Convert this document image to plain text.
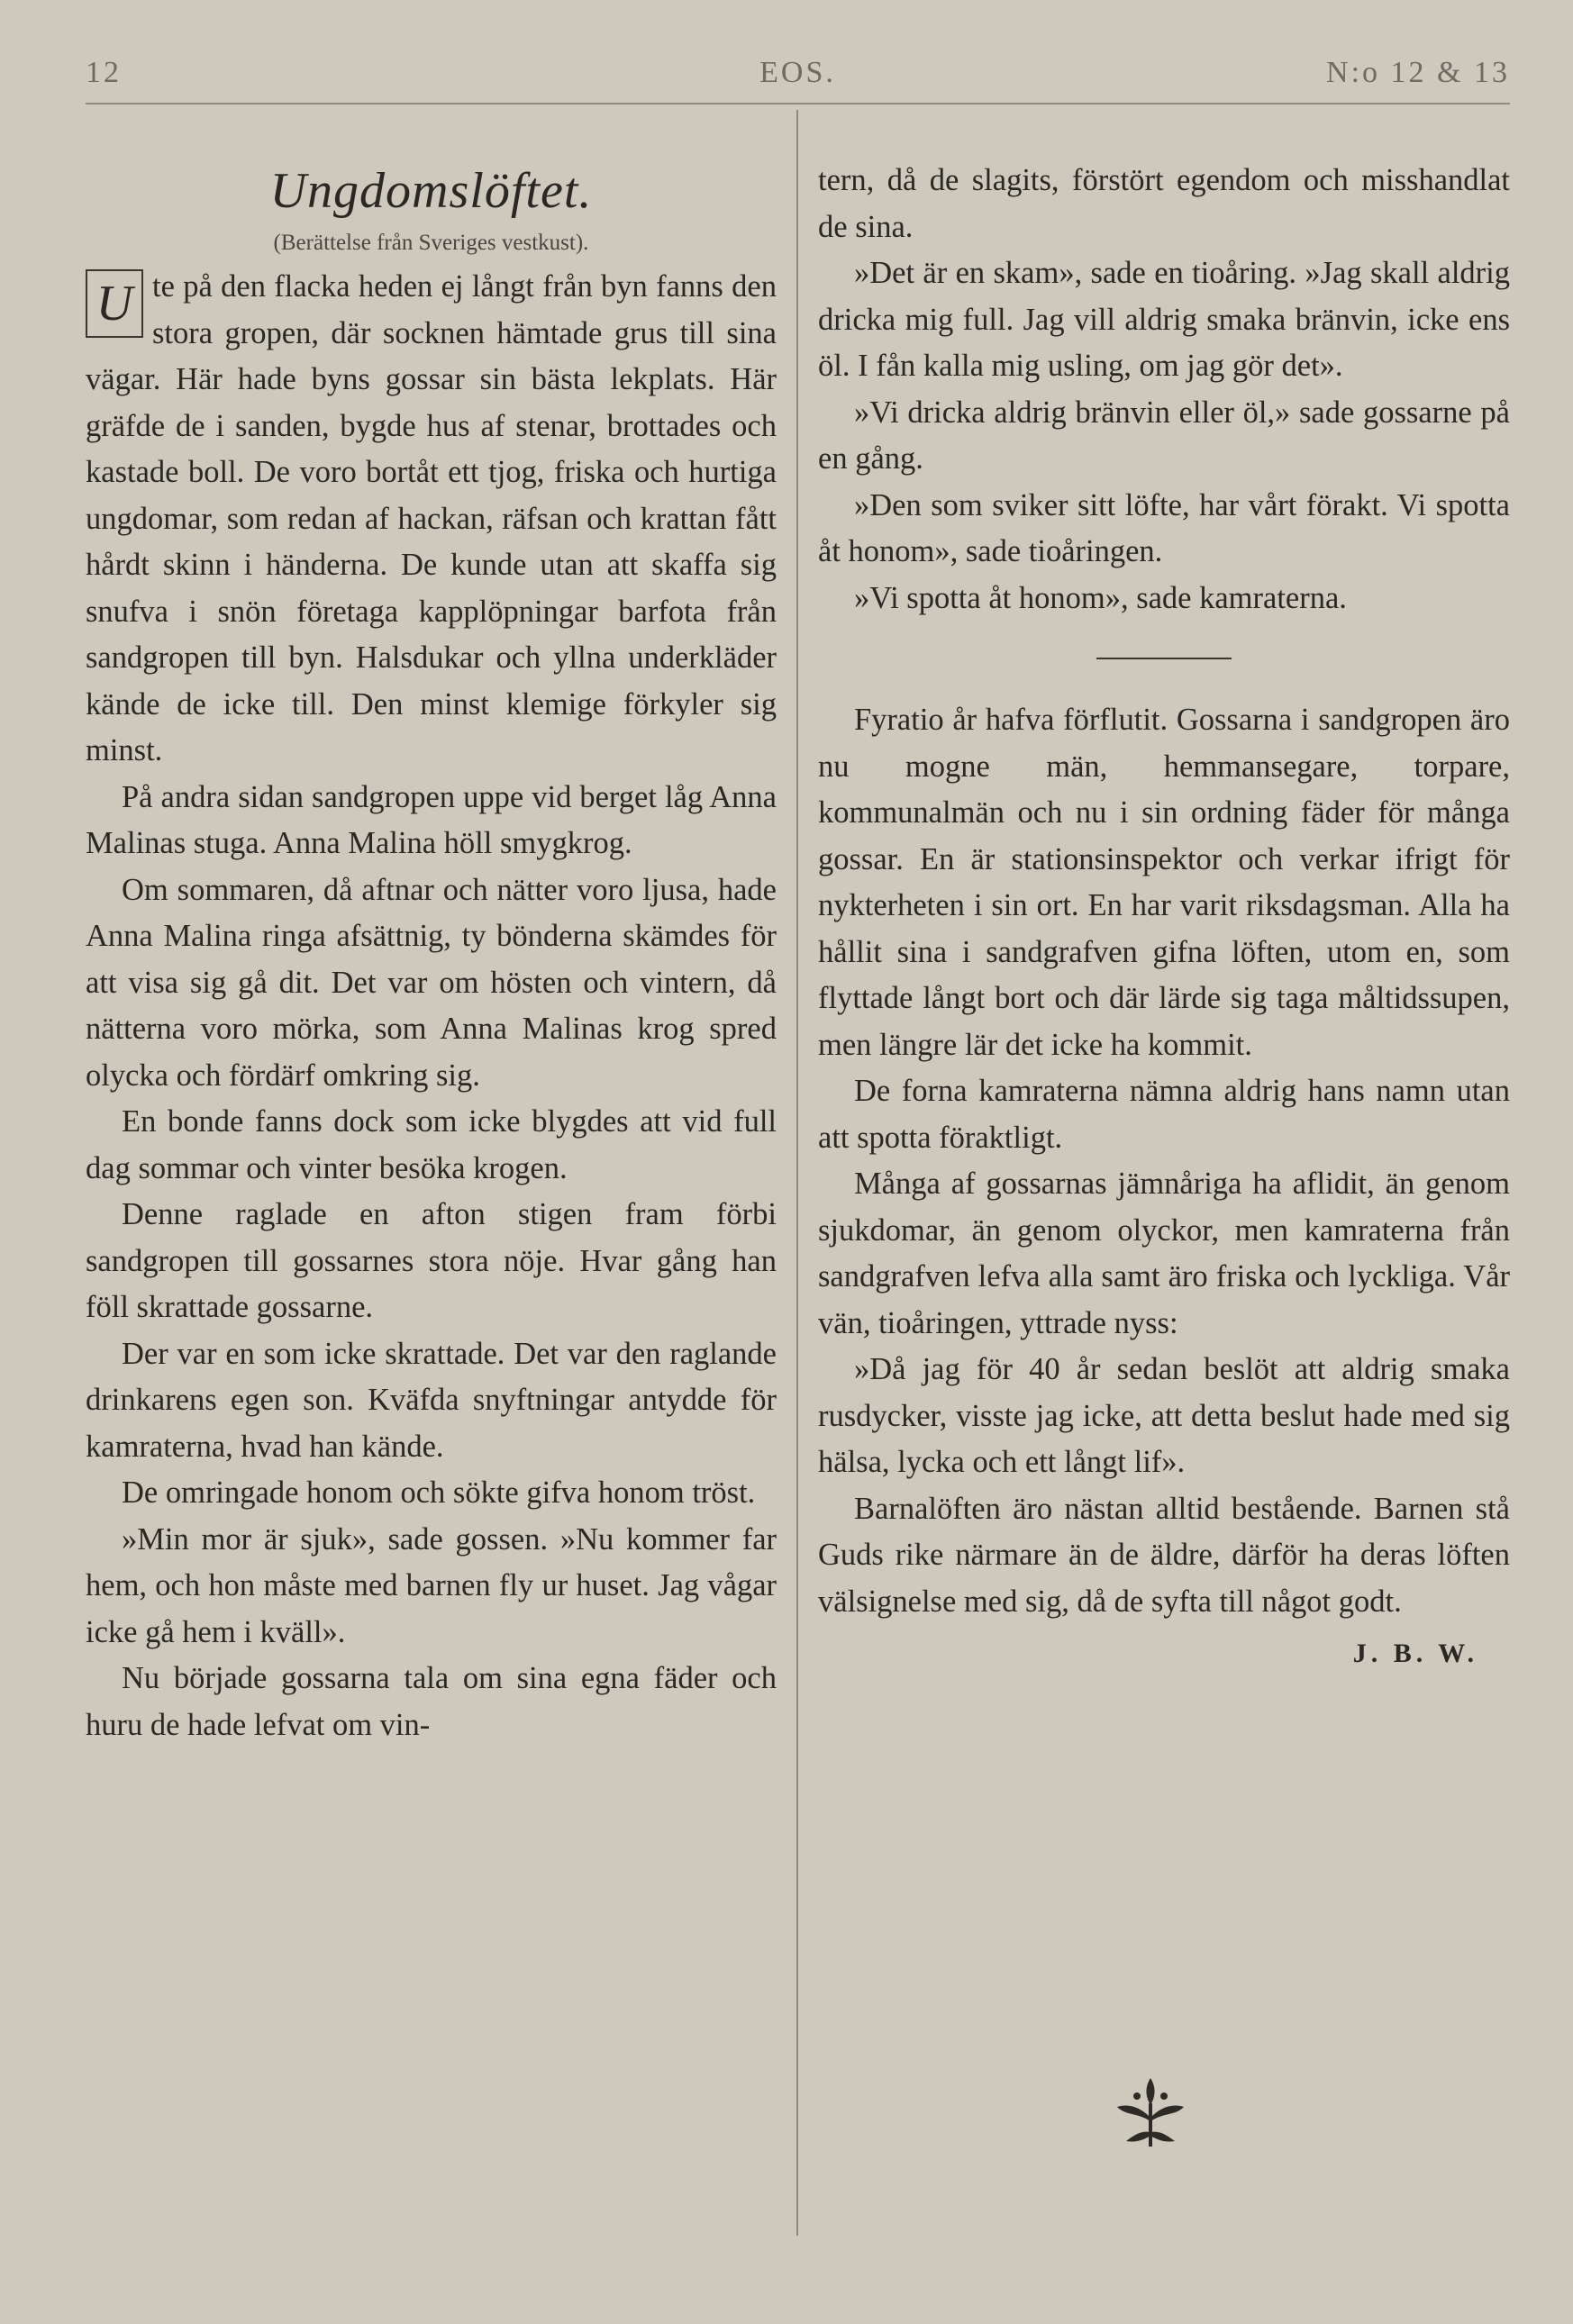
12	EOS.	N:o 12 & 13
Ungdomslöftet.
(Berättelse från Sveriges vestkust).

U te på den flacka heden ej långt från byn fanns den stora gropen, där socknen hämtade grus till sina vägar. Här hade byns gossar sin bästa lekplats. Här gräfde de i sanden, bygde hus af stenar, brottades och kastade boll. De voro bortåt ett tjog, friska och hurtiga ungdomar, som redan af hackan, räfsan och krattan fått hårdt skinn i händerna. De kunde utan att skaffa sig snufva i snön företaga kapplöpningar barfota från sandgropen till byn. Halsdukar och yllna underkläder kände de icke till. Den minst klemige förkyler sig minst.

På andra sidan sandgropen uppe vid berget låg Anna Malinas stuga. Anna Malina höll smygkrog.

Om sommaren, då aftnar och nätter voro ljusa, hade Anna Malina ringa afsättnig, ty bönderna skämdes för att visa sig gå dit. Det var om hösten och vintern, då nätterna voro mörka, som Anna Malinas krog spred olycka och fördärf omkring sig.

En bonde fanns dock som icke blygdes att vid full dag sommar och vinter besöka krogen.

Denne raglade en afton stigen fram förbi sandgropen till gossarnes stora nöje. Hvar gång han föll skrattade gossarne.

Der var en som icke skrattade. Det var den raglande drinkarens egen son. Kväfda snyftningar antydde för kamraterna, hvad han kände.

De omringade honom och sökte gifva honom tröst.

»Min mor är sjuk», sade gossen. »Nu kommer far hem, och hon måste med barnen fly ur huset. Jag vågar icke gå hem i kväll».

Nu började gossarna tala om sina egna fäder och huru de hade lefvat om vin-

tern, då de slagits, förstört egendom och misshandlat de sina.

»Det är en skam», sade en tioåring. »Jag skall aldrig dricka mig full. Jag vill aldrig smaka bränvin, icke ens öl. I fån kalla mig usling, om jag gör det».

»Vi dricka aldrig bränvin eller öl,» sade gossarne på en gång.

»Den som sviker sitt löfte, har vårt förakt. Vi spotta åt honom», sade tioåringen.

»Vi spotta åt honom», sade kamraterna.

Fyratio år hafva förflutit. Gossarna i sandgropen äro nu mogne män, hemmansegare, torpare, kommunalmän och nu i sin ordning fäder för många gossar. En är stationsinspektor och verkar ifrigt för nykterheten i sin ort. En har varit riksdagsman. Alla ha hållit sina i sandgrafven gifna löften, utom en, som flyttade långt bort och där lärde sig taga måltidssupen, men längre lär det icke ha kommit.

De forna kamraterna nämna aldrig hans namn utan att spotta föraktligt.

Många af gossarnas jämnåriga ha aflidit, än genom sjukdomar, än genom olyckor, men kamraterna från sandgrafven lefva alla samt äro friska och lyckliga. Vår vän, tioåringen, yttrade nyss:

»Då jag för 40 år sedan beslöt att aldrig smaka rusdycker, visste jag icke, att detta beslut hade med sig hälsa, lycka och ett långt lif».

Barnalöften äro nästan alltid bestående. Barnen stå Guds rike närmare än de äldre, därför ha deras löften välsignelse med sig, då de syfta till något godt.

J. B. W.
